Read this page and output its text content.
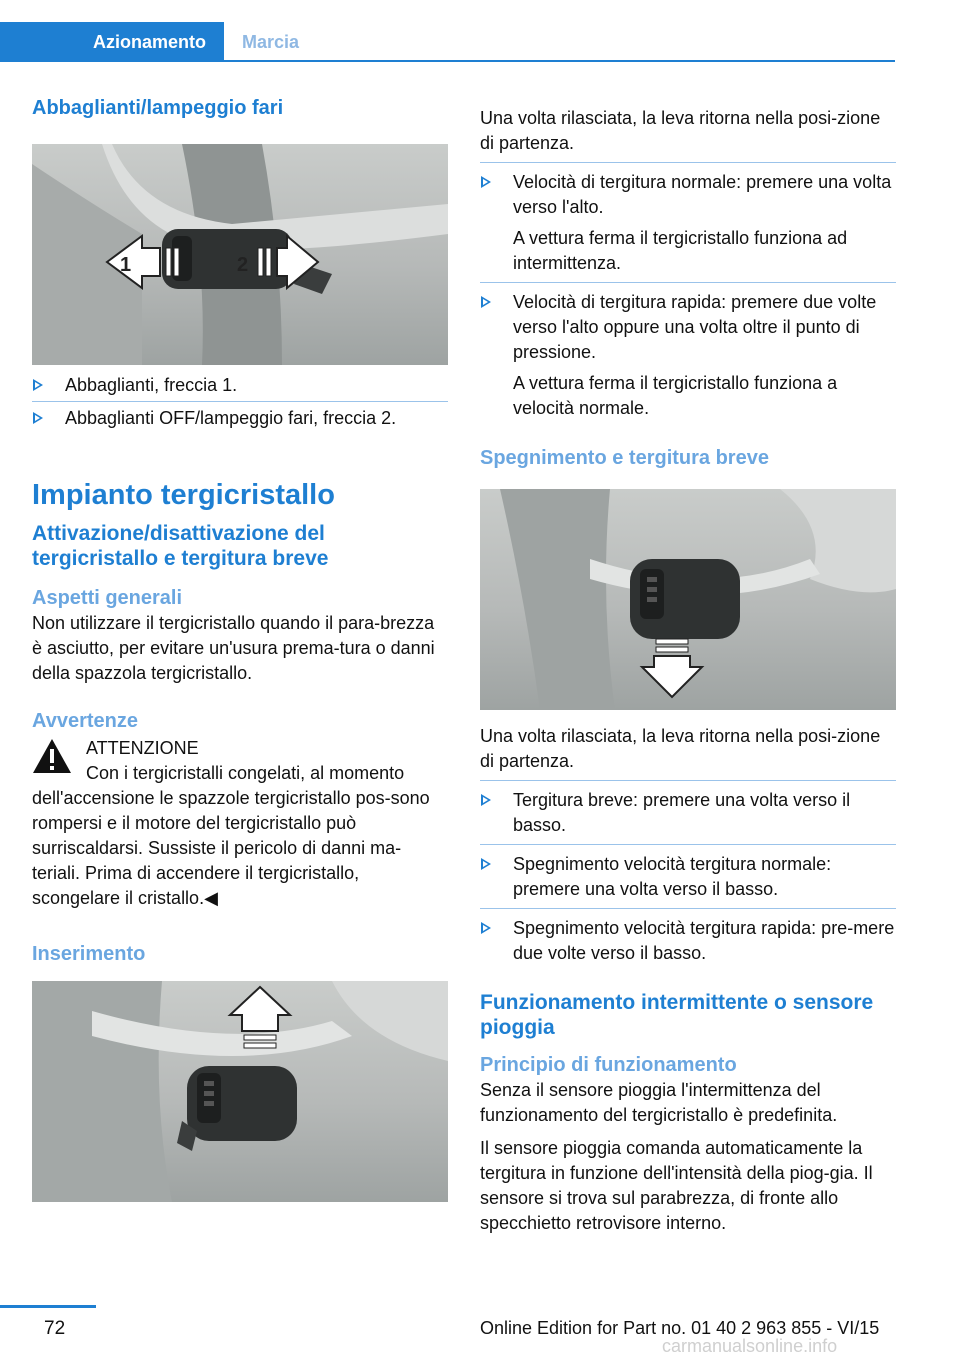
Azionamento	Marcia
Abbaglianti/lampeggio fari
1	2
Abbaglianti, freccia 1.
Abbaglianti OFF/lampeggio fari, freccia 2.
Impianto tergicristallo
Attivazione/disattivazione del tergicristallo e tergitura breve
Aspetti generali

Non utilizzare il tergicristallo quando il para‐brezza è asciutto, per evitare un'usura prema‐tura o danni della spazzola tergicristallo.

Avvertenze

ATTENZIONE

Con i tergicristalli congelati, al momento dell'accensione le spazzole tergicristallo pos‐sono rompersi e il motore del tergicristallo può surriscaldarsi. Sussiste il pericolo di danni ma‐teriali. Prima di accendere il tergicristallo, scongelare il cristallo.◀

Inserimento

Una volta rilasciata, la leva ritorna nella posi‐zione di partenza.

Velocità di tergitura normale: premere una volta verso l'alto.
A vettura ferma il tergicristallo funziona ad intermittenza.
Velocità di tergitura rapida: premere due volte verso l'alto oppure una volta oltre il punto di pressione.
A vettura ferma il tergicristallo funziona a velocità normale.
Spegnimento e tergitura breve

Una volta rilasciata, la leva ritorna nella posi‐zione di partenza.

Tergitura breve: premere una volta verso il basso.
Spegnimento velocità tergitura normale: premere una volta verso il basso.
Spegnimento velocità tergitura rapida: pre‐mere due volte verso il basso.
Funzionamento intermittente o sensore pioggia
Principio di funzionamento

Senza il sensore pioggia l'intermittenza del funzionamento del tergicristallo è predefinita.

Il sensore pioggia comanda automaticamente la tergitura in funzione dell'intensità della piog‐gia. Il sensore si trova sul parabrezza, di fronte allo specchietto retrovisore interno.

72	Online Edition for Part no. 01 40 2 963 855 - VI/15
carmanualsonline.info
